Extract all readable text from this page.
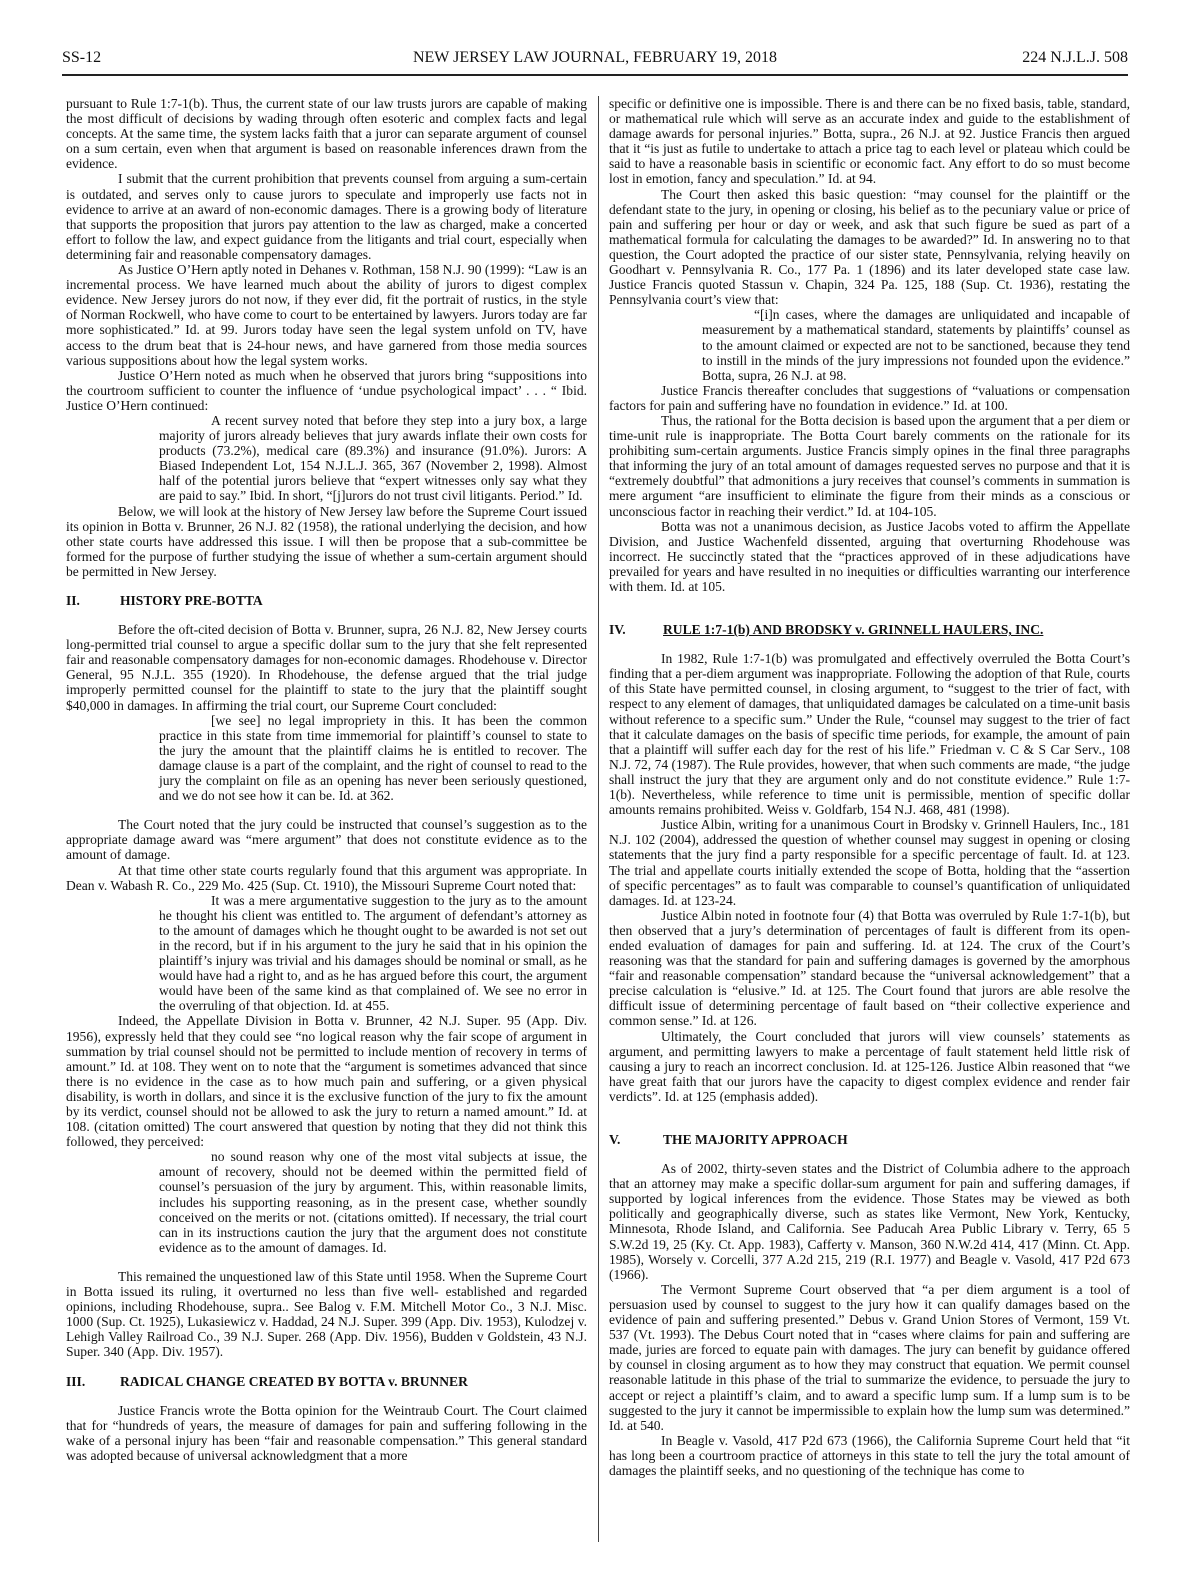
SS-12	NEW JERSEY LAW JOURNAL, FEBRUARY 19, 2018	224 N.J.L.J. 508

pursuant to Rule 1:7-1(b). Thus, the current state of our law trusts jurors are capable of making the most difficult of decisions by wading through often esoteric and complex facts and legal concepts. At the same time, the system lacks faith that a juror can separate argument of counsel on a sum certain, even when that argument is based on reasonable inferences drawn from the evidence.

I submit that the current prohibition that prevents counsel from arguing a sum-certain is outdated, and serves only to cause jurors to speculate and improperly use facts not in evidence to arrive at an award of non-economic damages. There is a growing body of literature that supports the proposition that jurors pay attention to the law as charged, make a concerted effort to follow the law, and expect guidance from the litigants and trial court, especially when determining fair and reasonable compensatory damages.

As Justice O’Hern aptly noted in Dehanes v. Rothman, 158 N.J. 90 (1999): “Law is an incremental process. We have learned much about the ability of jurors to digest complex evidence. New Jersey jurors do not now, if they ever did, fit the portrait of rustics, in the style of Norman Rockwell, who have come to court to be entertained by lawyers. Jurors today are far more sophisticated.” Id. at 99. Jurors today have seen the legal system unfold on TV, have access to the drum beat that is 24-hour news, and have garnered from those media sources various suppositions about how the legal system works.

Justice O’Hern noted as much when he observed that jurors bring “suppositions into the courtroom sufficient to counter the influence of ‘undue psychological impact’ . . . “ Ibid. Justice O’Hern continued:

A recent survey noted that before they step into a jury box, a large majority of jurors already believes that jury awards inflate their own costs for products (73.2%), medical care (89.3%) and insurance (91.0%). Jurors: A Biased Independent Lot, 154 N.J.L.J. 365, 367 (November 2, 1998). Almost half of the potential jurors believe that “expert witnesses only say what they are paid to say.” Ibid. In short, “[j]urors do not trust civil litigants. Period.” Id.

Below, we will look at the history of New Jersey law before the Supreme Court issued its opinion in Botta v. Brunner, 26 N.J. 82 (1958), the rational underlying the decision, and how other state courts have addressed this issue. I will then be propose that a sub-committee be formed for the purpose of further studying the issue of whether a sum-certain argument should be permitted in New Jersey.

II.	HISTORY PRE-BOTTA

Before the oft-cited decision of Botta v. Brunner, supra, 26 N.J. 82, New Jersey courts long-permitted trial counsel to argue a specific dollar sum to the jury that she felt represented fair and reasonable compensatory damages for non-economic damages. Rhodehouse v. Director General, 95 N.J.L. 355 (1920). In Rhodehouse, the defense argued that the trial judge improperly permitted counsel for the plaintiff to state to the jury that the plaintiff sought $40,000 in damages. In affirming the trial court, our Supreme Court concluded:

[we see] no legal impropriety in this. It has been the common practice in this state from time immemorial for plaintiff’s counsel to state to the jury the amount that the plaintiff claims he is entitled to recover. The damage clause is a part of the complaint, and the right of counsel to read to the jury the complaint on file as an opening has never been seriously questioned, and we do not see how it can be. Id. at 362.

The Court noted that the jury could be instructed that counsel’s suggestion as to the appropriate damage award was “mere argument” that does not constitute evidence as to the amount of damage.

At that time other state courts regularly found that this argument was appropriate. In Dean v. Wabash R. Co., 229 Mo. 425 (Sup. Ct. 1910), the Missouri Supreme Court noted that:

It was a mere argumentative suggestion to the jury as to the amount he thought his client was entitled to. The argument of defendant’s attorney as to the amount of damages which he thought ought to be awarded is not set out in the record, but if in his argument to the jury he said that in his opinion the plaintiff’s injury was trivial and his damages should be nominal or small, as he would have had a right to, and as he has argued before this court, the argument would have been of the same kind as that complained of. We see no error in the overruling of that objection. Id. at 455.

Indeed, the Appellate Division in Botta v. Brunner, 42 N.J. Super. 95 (App. Div. 1956), expressly held that they could see “no logical reason why the fair scope of argument in summation by trial counsel should not be permitted to include mention of recovery in terms of amount.” Id. at 108. They went on to note that the “argument is sometimes advanced that since there is no evidence in the case as to how much pain and suffering, or a given physical disability, is worth in dollars, and since it is the exclusive function of the jury to fix the amount by its verdict, counsel should not be allowed to ask the jury to return a named amount.” Id. at 108. (citation omitted) The court answered that question by noting that they did not think this followed, they perceived:

no sound reason why one of the most vital subjects at issue, the amount of recovery, should not be deemed within the permitted field of counsel’s persuasion of the jury by argument. This, within reasonable limits, includes his supporting reasoning, as in the present case, whether soundly conceived on the merits or not. (citations omitted). If necessary, the trial court can in its instructions caution the jury that the argument does not constitute evidence as to the amount of damages. Id.

This remained the unquestioned law of this State until 1958. When the Supreme Court in Botta issued its ruling, it overturned no less than five well- established and regarded opinions, including Rhodehouse, supra.. See Balog v. F.M. Mitchell Motor Co., 3 N.J. Misc. 1000 (Sup. Ct. 1925), Lukasiewicz v. Haddad, 24 N.J. Super. 399 (App. Div. 1953), Kulodzej v. Lehigh Valley Railroad Co., 39 N.J. Super. 268 (App. Div. 1956), Budden v Goldstein, 43 N.J. Super. 340 (App. Div. 1957).

III.	RADICAL CHANGE CREATED BY BOTTA v. BRUNNER

Justice Francis wrote the Botta opinion for the Weintraub Court. The Court claimed that for “hundreds of years, the measure of damages for pain and suffering following in the wake of a personal injury has been “fair and reasonable compensation.” This general standard was adopted because of universal acknowledgment that a more

specific or definitive one is impossible. There is and there can be no fixed basis, table, standard, or mathematical rule which will serve as an accurate index and guide to the establishment of damage awards for personal injuries.” Botta, supra., 26 N.J. at 92. Justice Francis then argued that it “is just as futile to undertake to attach a price tag to each level or plateau which could be said to have a reasonable basis in scientific or economic fact. Any effort to do so must become lost in emotion, fancy and speculation.” Id. at 94.

The Court then asked this basic question: “may counsel for the plaintiff or the defendant state to the jury, in opening or closing, his belief as to the pecuniary value or price of pain and suffering per hour or day or week, and ask that such figure be sued as part of a mathematical formula for calculating the damages to be awarded?” Id. In answering no to that question, the Court adopted the practice of our sister state, Pennsylvania, relying heavily on Goodhart v. Pennsylvania R. Co., 177 Pa. 1 (1896) and its later developed state case law. Justice Francis quoted Stassun v. Chapin, 324 Pa. 125, 188 (Sup. Ct. 1936), restating the Pennsylvania court’s view that:

“[i]n cases, where the damages are unliquidated and incapable of measurement by a mathematical standard, statements by plaintiffs’ counsel as to the amount claimed or expected are not to be sanctioned, because they tend to instill in the minds of the jury impressions not founded upon the evidence.” Botta, supra, 26 N.J. at 98.

Justice Francis thereafter concludes that suggestions of “valuations or compensation factors for pain and suffering have no foundation in evidence.” Id. at 100.

Thus, the rational for the Botta decision is based upon the argument that a per diem or time-unit rule is inappropriate. The Botta Court barely comments on the rationale for its prohibiting sum-certain arguments. Justice Francis simply opines in the final three paragraphs that informing the jury of an total amount of damages requested serves no purpose and that it is “extremely doubtful” that admonitions a jury receives that counsel’s comments in summation is mere argument “are insufficient to eliminate the figure from their minds as a conscious or unconscious factor in reaching their verdict.” Id. at 104-105.

Botta was not a unanimous decision, as Justice Jacobs voted to affirm the Appellate Division, and Justice Wachenfeld dissented, arguing that overturning Rhodehouse was incorrect. He succinctly stated that the “practices approved of in these adjudications have prevailed for years and have resulted in no inequities or difficulties warranting our interference with them. Id. at 105.

IV.	RULE 1:7-1(b) AND BRODSKY v. GRINNELL HAULERS, INC.

In 1982, Rule 1:7-1(b) was promulgated and effectively overruled the Botta Court’s finding that a per-diem argument was inappropriate. Following the adoption of that Rule, courts of this State have permitted counsel, in closing argument, to “suggest to the trier of fact, with respect to any element of damages, that unliquidated damages be calculated on a time-unit basis without reference to a specific sum.” Under the Rule, “counsel may suggest to the trier of fact that it calculate damages on the basis of specific time periods, for example, the amount of pain that a plaintiff will suffer each day for the rest of his life.” Friedman v. C & S Car Serv., 108 N.J. 72, 74 (1987). The Rule provides, however, that when such comments are made, “the judge shall instruct the jury that they are argument only and do not constitute evidence.” Rule 1:7-1(b). Nevertheless, while reference to time unit is permissible, mention of specific dollar amounts remains prohibited. Weiss v. Goldfarb, 154 N.J. 468, 481 (1998).

Justice Albin, writing for a unanimous Court in Brodsky v. Grinnell Haulers, Inc., 181 N.J. 102 (2004), addressed the question of whether counsel may suggest in opening or closing statements that the jury find a party responsible for a specific percentage of fault. Id. at 123. The trial and appellate courts initially extended the scope of Botta, holding that the “assertion of specific percentages” as to fault was comparable to counsel’s quantification of unliquidated damages. Id. at 123-24.

Justice Albin noted in footnote four (4) that Botta was overruled by Rule 1:7-1(b), but then observed that a jury’s determination of percentages of fault is different from its open-ended evaluation of damages for pain and suffering. Id. at 124. The crux of the Court’s reasoning was that the standard for pain and suffering damages is governed by the amorphous “fair and reasonable compensation” standard because the “universal acknowledgement” that a precise calculation is “elusive.” Id. at 125. The Court found that jurors are able resolve the difficult issue of determining percentage of fault based on “their collective experience and common sense.” Id. at 126.

Ultimately, the Court concluded that jurors will view counsels’ statements as argument, and permitting lawyers to make a percentage of fault statement held little risk of causing a jury to reach an incorrect conclusion. Id. at 125-126. Justice Albin reasoned that “we have great faith that our jurors have the capacity to digest complex evidence and render fair verdicts”. Id. at 125 (emphasis added).

V.	THE MAJORITY APPROACH

As of 2002, thirty-seven states and the District of Columbia adhere to the approach that an attorney may make a specific dollar-sum argument for pain and suffering damages, if supported by logical inferences from the evidence. Those States may be viewed as both politically and geographically diverse, such as states like Vermont, New York, Kentucky, Minnesota, Rhode Island, and California. See Paducah Area Public Library v. Terry, 65 5 S.W.2d 19, 25 (Ky. Ct. App. 1983), Cafferty v. Manson, 360 N.W.2d 414, 417 (Minn. Ct. App. 1985), Worsely v. Corcelli, 377 A.2d 215, 219 (R.I. 1977) and Beagle v. Vasold, 417 P2d 673 (1966).

The Vermont Supreme Court observed that “a per diem argument is a tool of persuasion used by counsel to suggest to the jury how it can qualify damages based on the evidence of pain and suffering presented.” Debus v. Grand Union Stores of Vermont, 159 Vt. 537 (Vt. 1993). The Debus Court noted that in “cases where claims for pain and suffering are made, juries are forced to equate pain with damages. The jury can benefit by guidance offered by counsel in closing argument as to how they may construct that equation. We permit counsel reasonable latitude in this phase of the trial to summarize the evidence, to persuade the jury to accept or reject a plaintiff’s claim, and to award a specific lump sum. If a lump sum is to be suggested to the jury it cannot be impermissible to explain how the lump sum was determined.” Id. at 540.

In Beagle v. Vasold, 417 P2d 673 (1966), the California Supreme Court held that “it has long been a courtroom practice of attorneys in this state to tell the jury the total amount of damages the plaintiff seeks, and no questioning of the technique has come to
